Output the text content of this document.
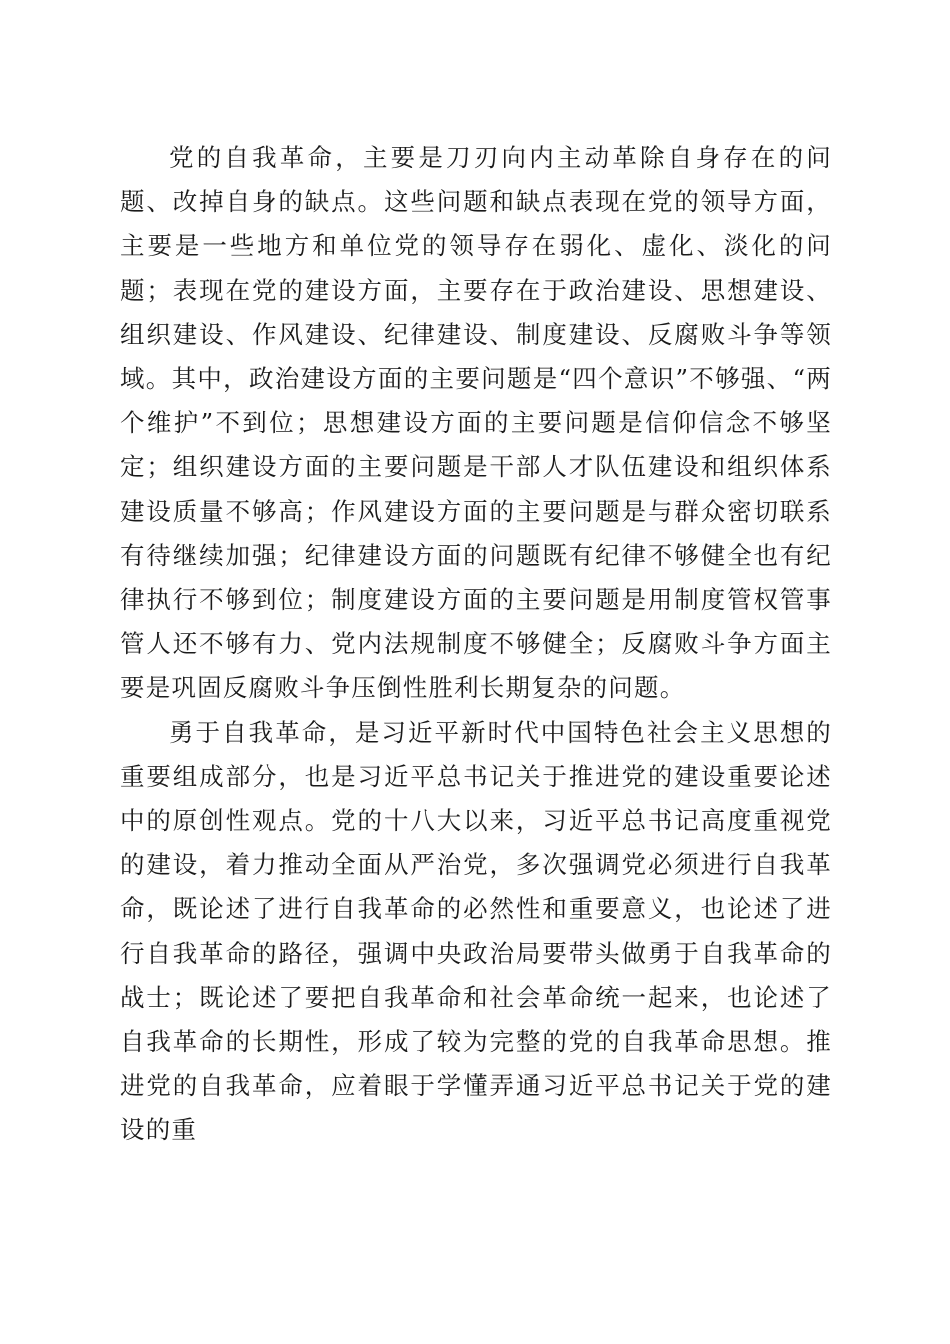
党的自我革命，主要是刀刃向内主动革除自身存在的问题、改掉自身的缺点。这些问题和缺点表现在党的领导方面，主要是一些地方和单位党的领导存在弱化、虚化、淡化的问题；表现在党的建设方面，主要存在于政治建设、思想建设、组织建设、作风建设、纪律建设、制度建设、反腐败斗争等领域。其中，政治建设方面的主要问题是“四个意识”不够强、“两个维护”不到位；思想建设方面的主要问题是信仰信念不够坚定；组织建设方面的主要问题是干部人才队伍建设和组织体系建设质量不够高；作风建设方面的主要问题是与群众密切联系有待继续加强；纪律建设方面的问题既有纪律不够健全也有纪律执行不够到位；制度建设方面的主要问题是用制度管权管事管人还不够有力、党内法规制度不够健全；反腐败斗争方面主要是巩固反腐败斗争压倒性胜利长期复杂的问题。

勇于自我革命，是习近平新时代中国特色社会主义思想的重要组成部分，也是习近平总书记关于推进党的建设重要论述中的原创性观点。党的十八大以来，习近平总书记高度重视党的建设，着力推动全面从严治党，多次强调党必须进行自我革命，既论述了进行自我革命的必然性和重要意义，也论述了进行自我革命的路径，强调中央政治局要带头做勇于自我革命的战士；既论述了要把自我革命和社会革命统一起来，也论述了自我革命的长期性，形成了较为完整的党的自我革命思想。推进党的自我革命，应着眼于学懂弄通习近平总书记关于党的建设的重
